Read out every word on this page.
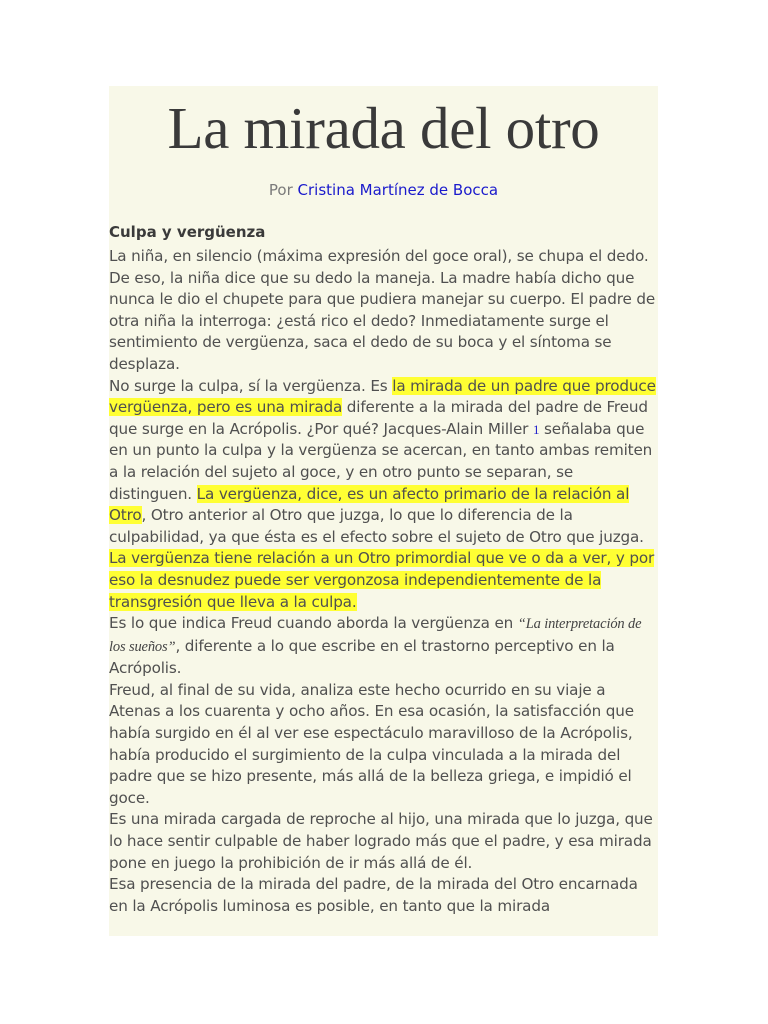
La mirada del otro
Por Cristina Martínez de Bocca
Culpa y vergüenza

La niña, en silencio (máxima expresión del goce oral), se chupa el dedo.

De eso, la niña dice que su dedo la maneja. La madre había dicho que nunca le dio el chupete para que pudiera manejar su cuerpo. El padre de otra niña la interroga: ¿está rico el dedo? Inmediatamente surge el sentimiento de vergüenza, saca el dedo de su boca y el síntoma se desplaza.

No surge la culpa, sí la vergüenza. Es la mirada de un padre que produce vergüenza, pero es una mirada diferente a la mirada del padre de Freud que surge en la Acrópolis. ¿Por qué? Jacques-Alain Miller 1 señalaba que en un punto la culpa y la vergüenza se acercan, en tanto ambas remiten a la relación del sujeto al goce, y en otro punto se separan, se distinguen. La vergüenza, dice, es un afecto primario de la relación al Otro, Otro anterior al Otro que juzga, lo que lo diferencia de la culpabilidad, ya que ésta es el efecto sobre el sujeto de Otro que juzga. La vergüenza tiene relación a un Otro primordial que ve o da a ver, y por eso la desnudez puede ser vergonzosa independientemente de la transgresión que lleva a la culpa.

Es lo que indica Freud cuando aborda la vergüenza en “La interpretación de los sueños”, diferente a lo que escribe en el trastorno perceptivo en la Acrópolis.

Freud, al final de su vida, analiza este hecho ocurrido en su viaje a Atenas a los cuarenta y ocho años. En esa ocasión, la satisfacción que había surgido en él al ver ese espectáculo maravilloso de la Acrópolis, había producido el surgimiento de la culpa vinculada a la mirada del padre que se hizo presente, más allá de la belleza griega, e impidió el goce.

Es una mirada cargada de reproche al hijo, una mirada que lo juzga, que lo hace sentir culpable de haber logrado más que el padre, y esa mirada pone en juego la prohibición de ir más allá de él.

Esa presencia de la mirada del padre, de la mirada del Otro encarnada en la Acrópolis luminosa es posible, en tanto que la mirada
